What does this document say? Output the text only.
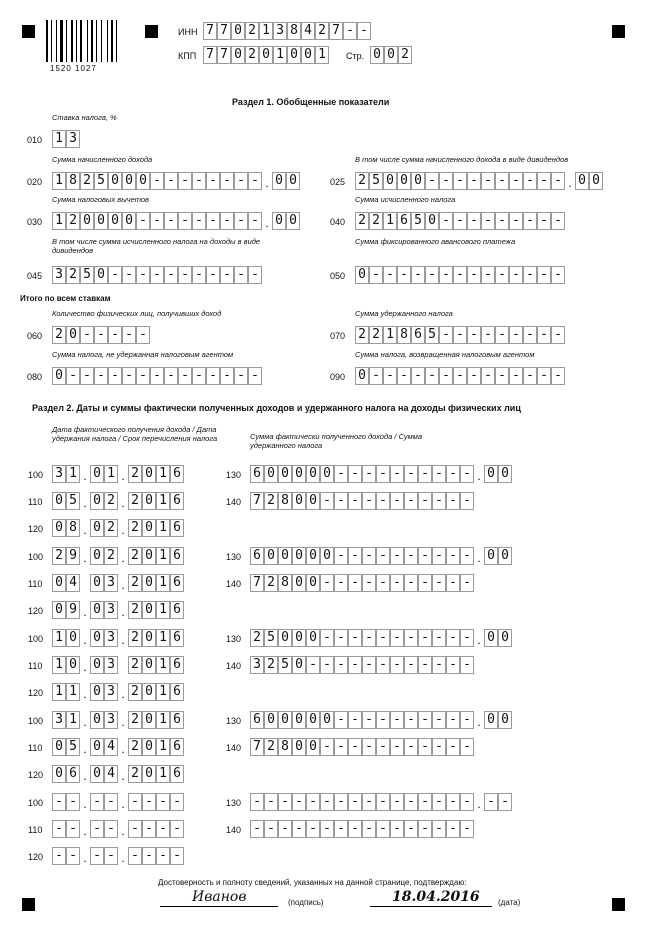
1520 1027
ИНН 7 7 0 2 1 3 8 4 2 7 - -
КПП 7 7 0 2 0 1 0 0 1	Стр. 0 0 2
Раздел 1. Обобщенные показатели
Итого по всем ставкам
Раздел 2. Даты и суммы фактически полученных доходов и удержанного налога на доходы физических лиц
Дата фактического получения дохода / Дата удержания налога / Срок перечисления налога	Сумма фактически полученного дохода / Сумма удержанного налога
Достоверность и полноту сведений, указанных на данной странице, подтверждаю:
Иванов	(подпись)	18.04.2016 (дата)
Ставка налога, %
010 1 3
Сумма начисленного дохода
020 1 8 2 5 0 0 0 - - - - - - - - . 0 0
В том числе сумма начисленного дохода в виде дивидендов
025 2 5 0 0 0 - - - - - - - - - - . 0 0
Сумма налоговых вычетов
030 1 2 0 0 0 0 - - - - - - - - - . 0 0
Сумма исчисленного налога
040 2 2 1 6 5 0 - - - - - - - - -
В том числе сумма исчисленного налога на доходы в виде дивидендов
045 3 2 5 0 - - - - - - - - - - -
Сумма фиксированного авансового платежа
050 0 - - - - - - - - - - - - - -
Количество физических лиц, получивших доход
060 2 0 - - - - -
Сумма удержанного налога
070 2 2 1 8 6 5 - - - - - - - - -
Сумма налога, не удержанная налоговым агентом
080 0 - - - - - - - - - - - - - -
Сумма налога, возвращенная налоговым агентом
090 0 - - - - - - - - - - - - - -
100 3 1 . 0 1 . 2 0 1 6
110 0 5 . 0 2 . 2 0 1 6
120 0 8 . 0 2 . 2 0 1 6
130 6 0 0 0 0 0 - - - - - - - - - - . 0 0
140 7 2 8 0 0 - - - - - - - - - - -
100 2 9 . 0 2 . 2 0 1 6
110 0 4 0 3 . 2 0 1 6
120 0 9 . 0 3 . 2 0 1 6
130 6 0 0 0 0 0 - - - - - - - - - - . 0 0
140 7 2 8 0 0 - - - - - - - - - - -
100 1 0 . 0 3 . 2 0 1 6
110 1 0 . 0 3 2 0 1 6
120 1 1 . 0 3 . 2 0 1 6
130 2 5 0 0 0 - - - - - - - - - - - . 0 0
140 3 2 5 0 - - - - - - - - - - - -
100 3 1 . 0 3 . 2 0 1 6
110 0 5 . 0 4 . 2 0 1 6
120 0 6 . 0 4 . 2 0 1 6
130 6 0 0 0 0 0 - - - - - - - - - - . 0 0
140 7 2 8 0 0 - - - - - - - - - - -
100 - - . - - . - - - -
110 - - . - - . - - - -
120 - - . - - . - - - -
130 - - - - - - - - - - - - - - - - . - -
140 - - - - - - - - - - - - - - - -
